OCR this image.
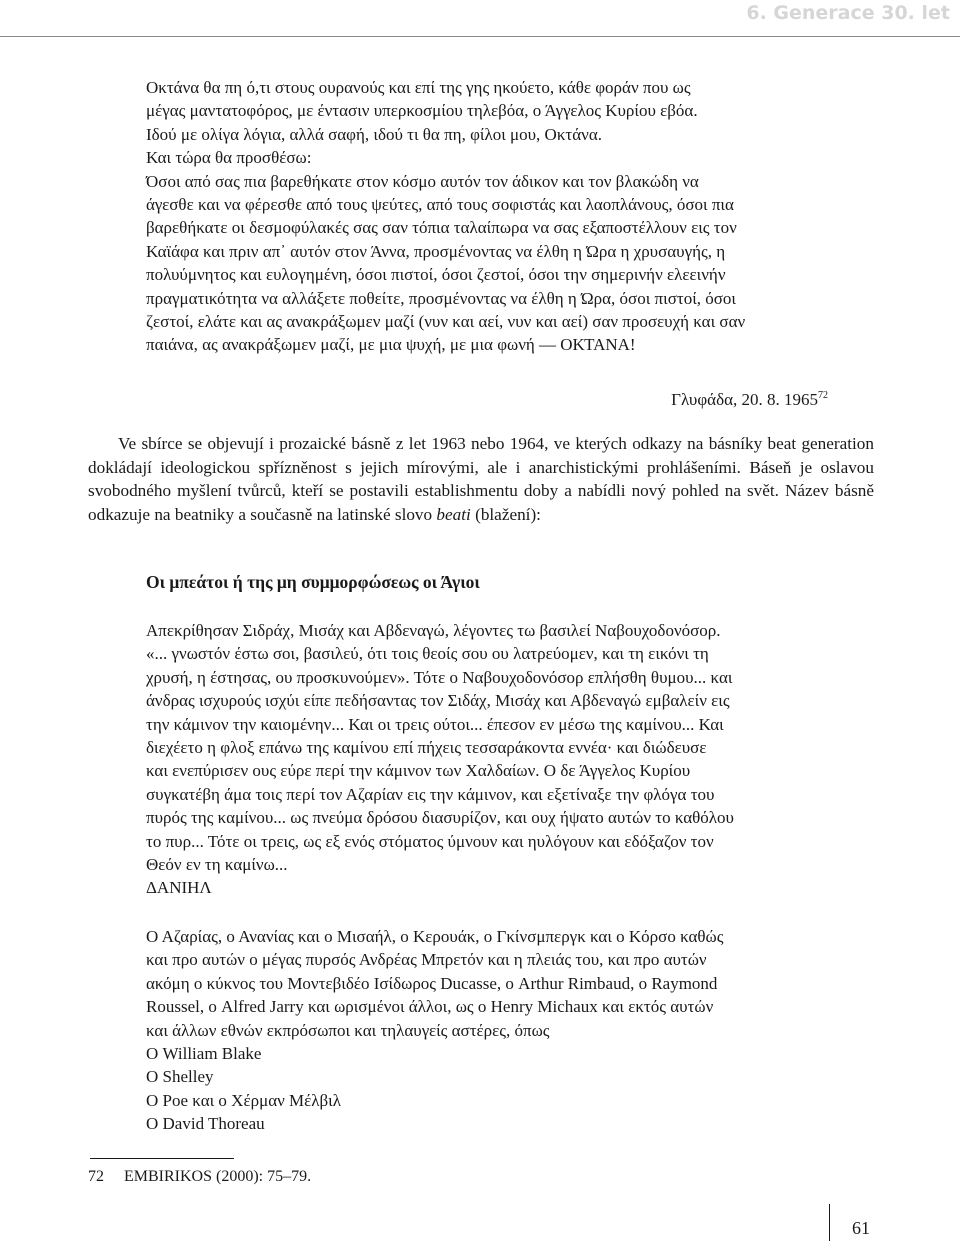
6. Generace 30. let
Οκτάνα θα πη ό,τι στους ουρανούς και επί της γης ηκούετο, κάθε φοράν που ως
μέγας μαντατοφόρος, με έντασιν υπερκοσμίου τηλεβόα, ο Άγγελος Κυρίου εβόα.
Ιδού με ολίγα λόγια, αλλά σαφή, ιδού τι θα πη, φίλοι μου, Οκτάνα.
Και τώρα θα προσθέσω:
Όσοι από σας πια βαρεθήκατε στον κόσμο αυτόν τον άδικον και τον βλακώδη να
άγεσθε και να φέρεσθε από τους ψεύτες, από τους σοφιστάς και λαοπλάνους, όσοι πια
βαρεθήκατε οι δεσμοφύλακές σας σαν τόπια ταλαίπωρα να σας εξαποστέλλουν εις τον
Καϊάφα και πριν απ᾽ αυτόν στον Άννα, προσμένοντας να έλθη η Ώρα η χρυσαυγής, η
πολυύμνητος και ευλογημένη, όσοι πιστοί, όσοι ζεστοί, όσοι την σημερινήν ελεεινήν
πραγματικότητα να αλλάξετε ποθείτε, προσμένοντας να έλθη η Ώρα, όσοι πιστοί, όσοι
ζεστοί, ελάτε και ας ανακράξωμεν μαζί (νυν και αεί, νυν και αεί) σαν προσευχή και σαν
παιάνα, ας ανακράξωμεν μαζί, με μια ψυχή, με μια φωνή — ΟΚΤΑΝΑ!
Γλυφάδα, 20. 8. 1965$^{72}$

Ve sbírce se objevují i prozaické básně z let 1963 nebo 1964, ve kterých odkazy na básníky beat generation dokládají ideologickou spřízněnost s jejich mírovými, ale i anarchistickými prohlášeními. Báseň je oslavou svobodného myšlení tvůrců, kteří se postavili establishmentu doby a nabídli nový pohled na svět. Název básně odkazuje na beatniky a současně na latinské slovo beati (blažení):

Οι μπεάτοι ή της μη συμμορφώσεως οι Άγιοι
Απεκρίθησαν Σιδράχ, Μισάχ και Αβδεναγώ, λέγοντες τω βασιλεί Ναβουχοδονόσορ.
«... γνωστόν έστω σοι, βασιλεύ, ότι τοις θεοίς σου ου λατρεύομεν, και τη εικόνι τη
χρυσή, η έστησας, ου προσκυνούμεν». Τότε ο Ναβουχοδονόσορ επλήσθη θυμου... και
άνδρας ισχυρούς ισχύι είπε πεδήσαντας τον Σιδάχ, Μισάχ και Αβδεναγώ εμβαλείν εις
την κάμινον την καιομένην... Και οι τρεις ούτοι... έπεσον εν μέσω της καμίνου... Και
διεχέετο η φλοξ επάνω της καμίνου επί πήχεις τεσσαράκοντα εννέα· και διώδευσε
και ενεπύρισεν ους εύρε περί την κάμινον των Χαλδαίων. Ο δε Άγγελος Κυρίου
συγκατέβη άμα τοις περί τον Αζαρίαν εις την κάμινον, και εξετίναξε την φλόγα του
πυρός της καμίνου... ως πνεύμα δρόσου διασυρίζον, και ουχ ήψατο αυτών το καθόλου
το πυρ... Τότε οι τρεις, ως εξ ενός στόματος ύμνουν και ηυλόγουν και εδόξαζον τον
Θεόν εν τη καμίνω...
ΔΑΝΙΗΛ
Ο Αζαρίας, ο Ανανίας και ο Μισαήλ, ο Κερουάκ, ο Γκίνσμπεργκ και ο Κόρσο καθώς
και προ αυτών ο μέγας πυρσός Ανδρέας Μπρετόν και η πλειάς του, και προ αυτών
ακόμη ο κύκνος του Μοντεβιδέο Ισίδωρος Ducasse, ο Arthur Rimbaud, ο Raymond
Roussel, ο Alfred Jarry και ωρισμένοι άλλοι, ως ο Henry Michaux και εκτός αυτών
και άλλων εθνών εκπρόσωποι και τηλαυγείς αστέρες, όπως
Ο William Blake
Ο Shelley
Ο Poe και ο Χέρμαν Μέλβιλ
Ο David Thoreau
72 EMBIRIKOS (2000): 75–79.
61
